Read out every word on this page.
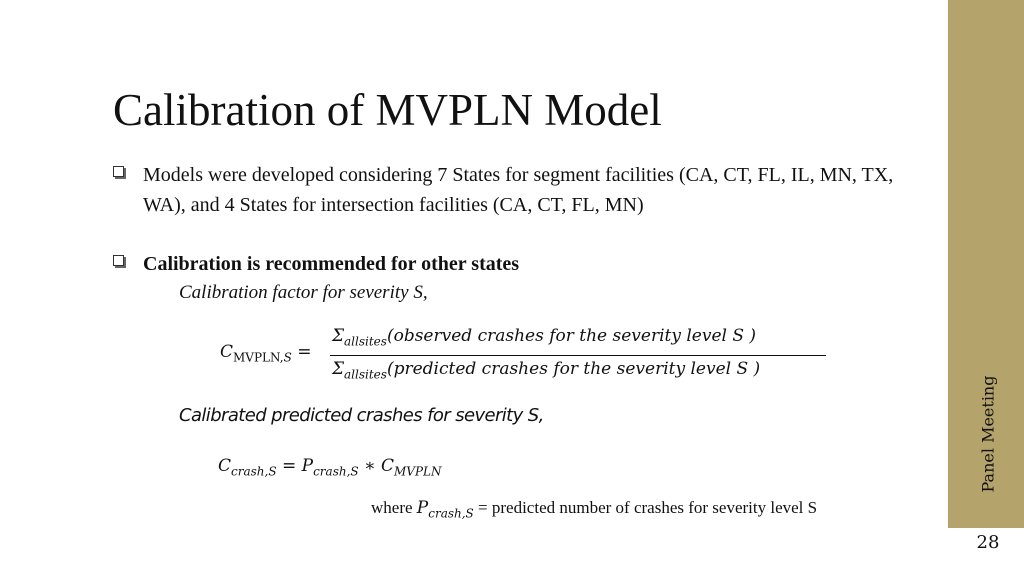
Panel Meeting
28
Calibration of MVPLN Model
Models were developed considering 7 States for segment facilities (CA, CT, FL, IL, MN, TX, WA), and 4 States for intersection facilities (CA, CT, FL, MN)
Calibration is recommended for other states
Calibration factor for severity S,
$C_{MVPLN,S}$ =
$\Sigma_{allsites}(observed$ crashes for the severity level S )
$\Sigma_{allsites}(predicted$ crashes for the severity level S )
Calibrated predicted crashes for severity S,
$C_{crash,S} = P_{crash,S}$ ∗ $C_{MVPLN}$
where $P_{crash,S}$ = predicted number of crashes for severity level S
